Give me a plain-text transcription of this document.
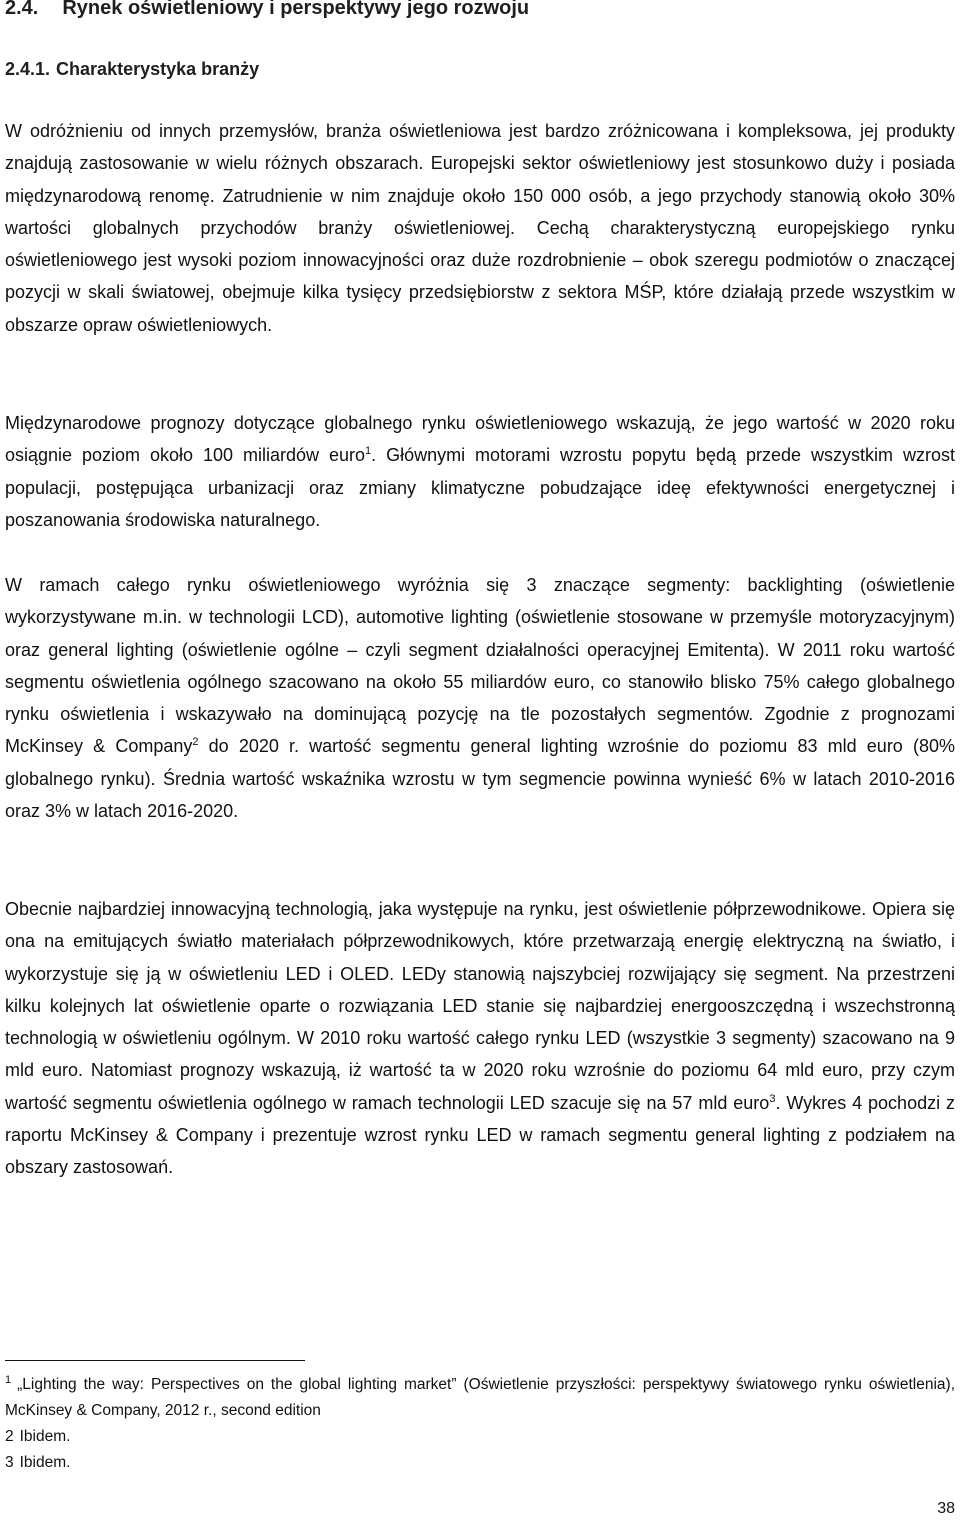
2.4. Rynek oświetleniowy i perspektywy jego rozwoju
2.4.1. Charakterystyka branży

W odróżnieniu od innych przemysłów, branża oświetleniowa jest bardzo zróżnicowana i kompleksowa, jej produkty znajdują zastosowanie w wielu różnych obszarach. Europejski sektor oświetleniowy jest stosunkowo duży i posiada międzynarodową renomę. Zatrudnienie w nim znajduje około 150 000 osób, a jego przychody stanowią około 30% wartości globalnych przychodów branży oświetleniowej. Cechą charakterystyczną europejskiego rynku oświetleniowego jest wysoki poziom innowacyjności oraz duże rozdrobnienie – obok szeregu podmiotów o znaczącej pozycji w skali światowej, obejmuje kilka tysięcy przedsiębiorstw z sektora MŚP, które działają przede wszystkim w obszarze opraw oświetleniowych.

Międzynarodowe prognozy dotyczące globalnego rynku oświetleniowego wskazują, że jego wartość w 2020 roku osiągnie poziom około 100 miliardów euro$^1$. Głównymi motorami wzrostu popytu będą przede wszystkim wzrost populacji, postępująca urbanizacji oraz zmiany klimatyczne pobudzające ideę efektywności energetycznej i poszanowania środowiska naturalnego.

W ramach całego rynku oświetleniowego wyróżnia się 3 znaczące segmenty: backlighting (oświetlenie wykorzystywane m.in. w technologii LCD), automotive lighting (oświetlenie stosowane w przemyśle motoryzacyjnym) oraz general lighting (oświetlenie ogólne – czyli segment działalności operacyjnej Emitenta). W 2011 roku wartość segmentu oświetlenia ogólnego szacowano na około 55 miliardów euro, co stanowiło blisko 75% całego globalnego rynku oświetlenia i wskazywało na dominującą pozycję na tle pozostałych segmentów. Zgodnie z prognozami McKinsey & Company$^2$ do 2020 r. wartość segmentu general lighting wzrośnie do poziomu 83 mld euro (80% globalnego rynku). Średnia wartość wskaźnika wzrostu w tym segmencie powinna wynieść 6% w latach 2010-2016 oraz 3% w latach 2016-2020.

Obecnie najbardziej innowacyjną technologią, jaka występuje na rynku, jest oświetlenie półprzewodnikowe. Opiera się ona na emitujących światło materiałach półprzewodnikowych, które przetwarzają energię elektryczną na światło, i wykorzystuje się ją w oświetleniu LED i OLED. LEDy stanowią najszybciej rozwijający się segment. Na przestrzeni kilku kolejnych lat oświetlenie oparte o rozwiązania LED stanie się najbardziej energooszczędną i wszechstronną technologią w oświetleniu ogólnym. W 2010 roku wartość całego rynku LED (wszystkie 3 segmenty) szacowano na 9 mld euro. Natomiast prognozy wskazują, iż wartość ta w 2020 roku wzrośnie do poziomu 64 mld euro, przy czym wartość segmentu oświetlenia ogólnego w ramach technologii LED szacuje się na 57 mld euro$^3$. Wykres 4 pochodzi z raportu McKinsey & Company i prezentuje wzrost rynku LED w ramach segmentu general lighting z podziałem na obszary zastosowań.

$^1$ „Lighting the way: Perspectives on the global lighting market” (Oświetlenie przyszłości: perspektywy światowego rynku oświetlenia), McKinsey & Company, 2012 r., second edition

2 Ibidem.

3 Ibidem.

38
